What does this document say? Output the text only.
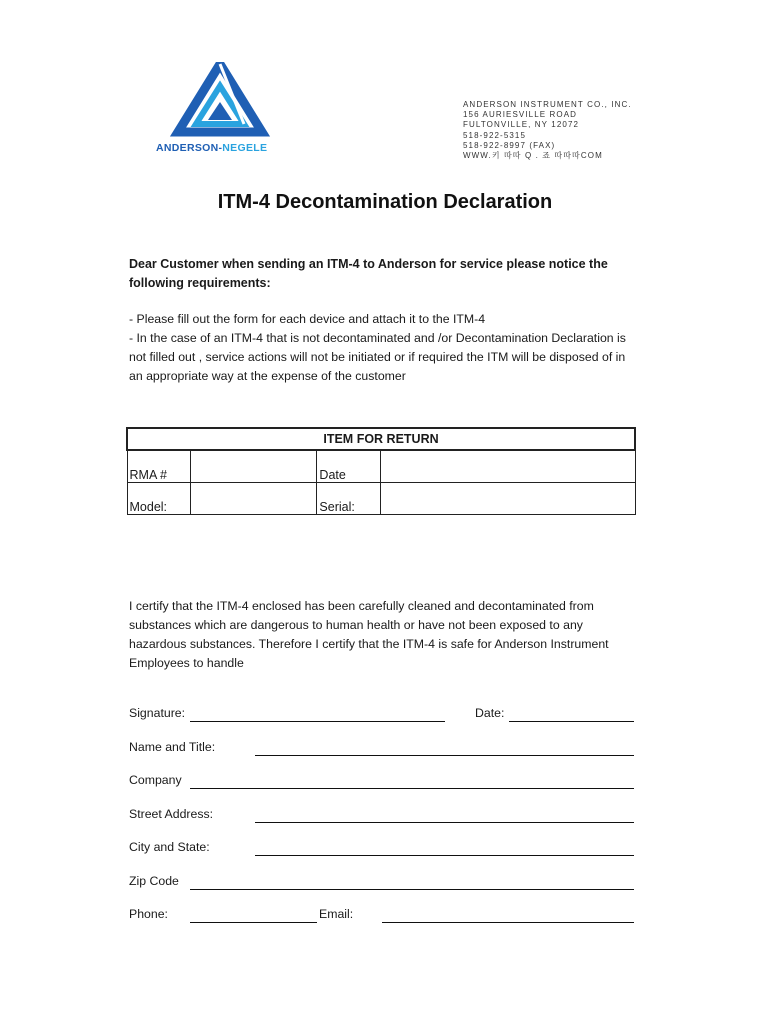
ANDERSON-NEGELE
ANDERSON INSTRUMENT CO., INC.
156 AURIESVILLE ROAD
FULTONVILLE, NY 12072
518-922-5315
518-922-8997 (FAX)
WWW.키 따따 Q . 죠 따따따COM
ITM-4 Decontamination Declaration
Dear Customer when sending an ITM-4 to Anderson for service please notice the following requirements:
- Please fill out the form for each device and attach it to the ITM-4
- In the case of an ITM-4 that is not decontaminated and /or Decontamination Declaration is not filled out , service actions will not be initiated or if required the ITM will be disposed of in an appropriate way at the expense of the customer
ITEM FOR RETURN			
RMA #		Date	
Model:		Serial:	
I certify that the ITM-4 enclosed has been carefully cleaned and decontaminated from substances which are dangerous to human health or have not been exposed to any hazardous substances. Therefore I certify that the ITM-4 is safe for Anderson Instrument Employees to handle
Signature:	Date:
Name and Title:
Company
Street Address:
City and State:
Zip Code
Phone:	Email:
